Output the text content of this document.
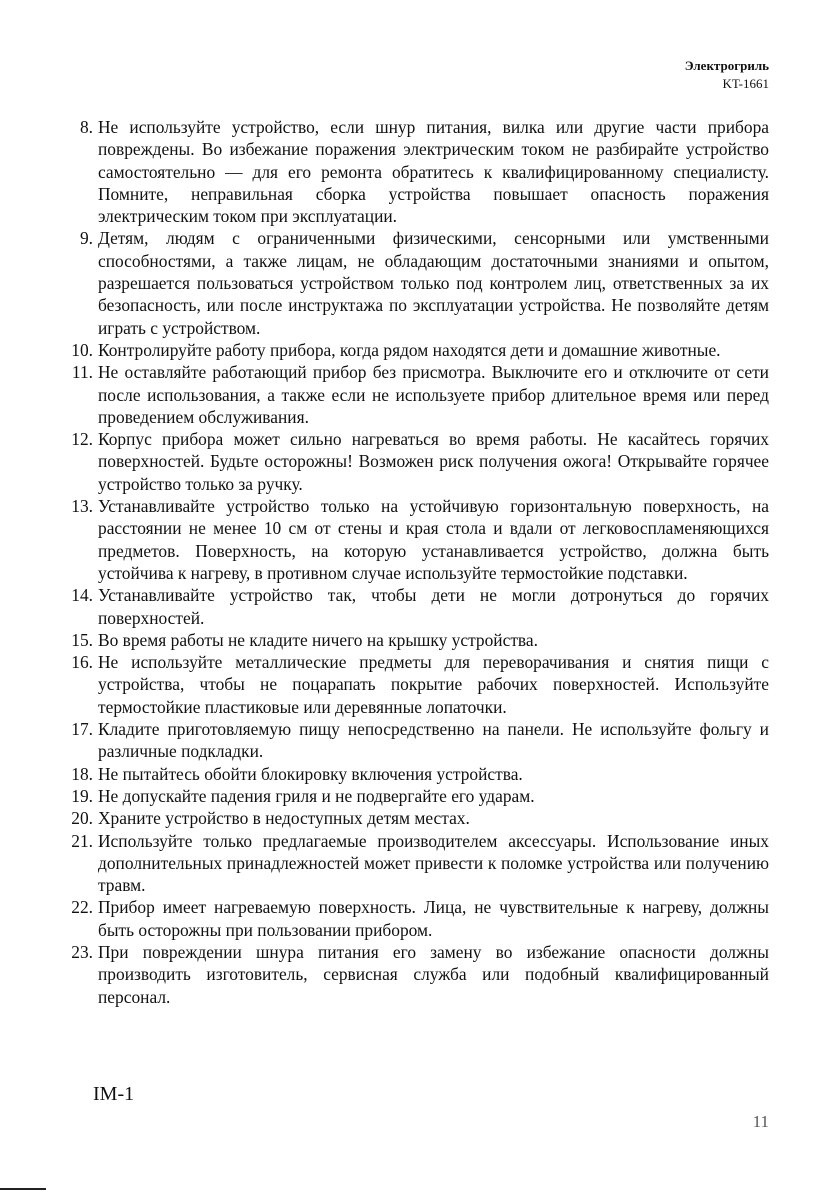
Электрогриль
KT-1661
8. Не используйте устройство, если шнур питания, вилка или другие части прибора повреждены. Во избежание поражения электрическим током не разбирайте устройство самостоятельно — для его ремонта обратитесь к квалифицированному специалисту. Помните, неправильная сборка устройства повышает опасность поражения электрическим током при эксплуатации.
9. Детям, людям с ограниченными физическими, сенсорными или умственными способностями, а также лицам, не обладающим достаточными знаниями и опытом, разрешается пользоваться устройством только под контролем лиц, ответственных за их безопасность, или после инструктажа по эксплуатации устройства. Не позволяйте детям играть с устройством.
10. Контролируйте работу прибора, когда рядом находятся дети и домашние животные.
11. Не оставляйте работающий прибор без присмотра. Выключите его и отключите от сети после использования, а также если не используете прибор длительное время или перед проведением обслуживания.
12. Корпус прибора может сильно нагреваться во время работы. Не касайтесь горячих поверхностей. Будьте осторожны! Возможен риск получения ожога! Открывайте горячее устройство только за ручку.
13. Устанавливайте устройство только на устойчивую горизонтальную поверхность, на расстоянии не менее 10 см от стены и края стола и вдали от легковоспламеняющихся предметов. Поверхность, на которую устанавливается устройство, должна быть устойчива к нагреву, в противном случае используйте термостойкие подставки.
14. Устанавливайте устройство так, чтобы дети не могли дотронуться до горячих поверхностей.
15. Во время работы не кладите ничего на крышку устройства.
16. Не используйте металлические предметы для переворачивания и снятия пищи с устройства, чтобы не поцарапать покрытие рабочих поверхностей. Используйте термостойкие пластиковые или деревянные лопаточки.
17. Кладите приготовляемую пищу непосредственно на панели. Не используйте фольгу и различные подкладки.
18. Не пытайтесь обойти блокировку включения устройства.
19. Не допускайте падения гриля и не подвергайте его ударам.
20. Храните устройство в недоступных детям местах.
21. Используйте только предлагаемые производителем аксессуары. Использование иных дополнительных принадлежностей может привести к поломке устройства или получению травм.
22. Прибор имеет нагреваемую поверхность. Лица, не чувствительные к нагреву, должны быть осторожны при пользовании прибором.
23. При повреждении шнура питания его замену во избежание опасности должны производить изготовитель, сервисная служба или подобный квалифицированный персонал.
IM-1
11
